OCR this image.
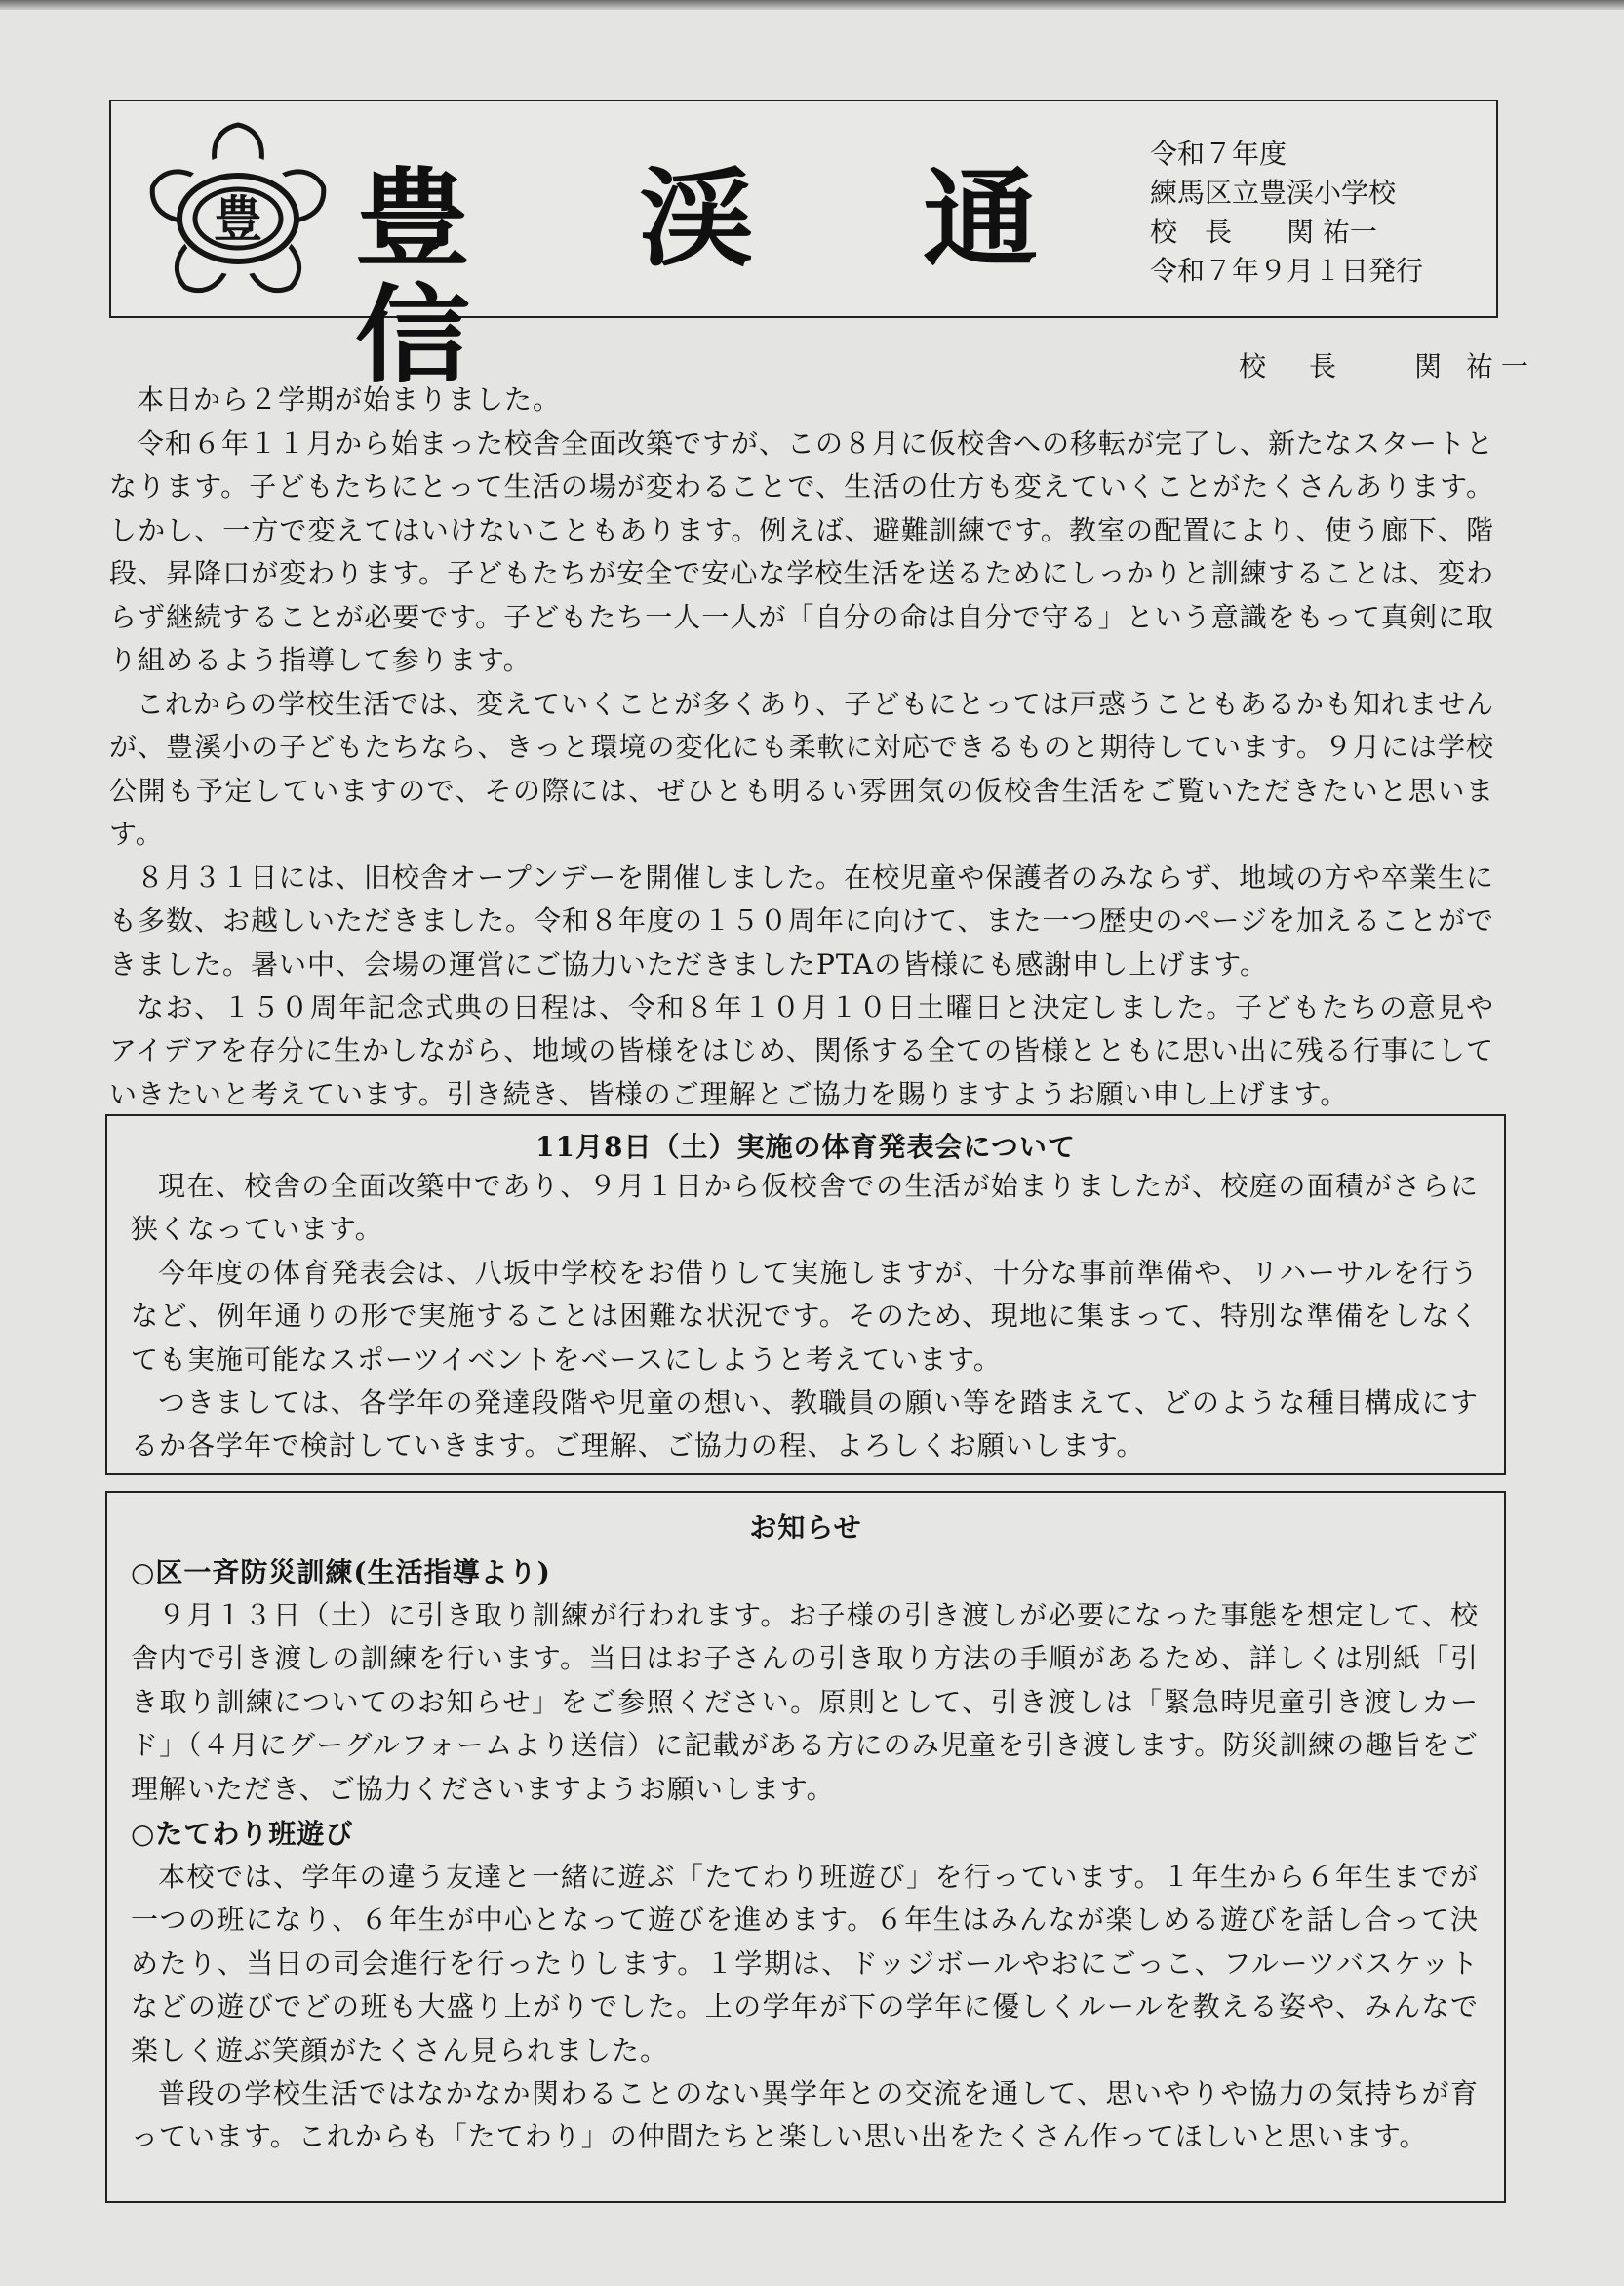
豊 豊 渓 通 信
令和７年度
練馬区立豊渓小学校
校　長　　関 祐一
令和７年９月１日発行
校　長　　関 祐一

本日から２学期が始まりました。

令和６年１１月から始まった校舎全面改築ですが、この８月に仮校舎への移転が完了し、新たなスタートとなります。子どもたちにとって生活の場が変わることで、生活の仕方も変えていくことがたくさんあります。しかし、一方で変えてはいけないこともあります。例えば、避難訓練です。教室の配置により、使う廊下、階段、昇降口が変わります。子どもたちが安全で安心な学校生活を送るためにしっかりと訓練することは、変わらず継続することが必要です。子どもたち一人一人が「自分の命は自分で守る」という意識をもって真剣に取り組めるよう指導して参ります。

これからの学校生活では、変えていくことが多くあり、子どもにとっては戸惑うこともあるかも知れませんが、豊溪小の子どもたちなら、きっと環境の変化にも柔軟に対応できるものと期待しています。９月には学校公開も予定していますので、その際には、ぜひとも明るい雰囲気の仮校舎生活をご覧いただきたいと思います。

８月３１日には、旧校舎オープンデーを開催しました。在校児童や保護者のみならず、地域の方や卒業生にも多数、お越しいただきました。令和８年度の１５０周年に向けて、また一つ歴史のページを加えることができました。暑い中、会場の運営にご協力いただきましたPTAの皆様にも感謝申し上げます。

なお、１５０周年記念式典の日程は、令和８年１０月１０日土曜日と決定しました。子どもたちの意見やアイデアを存分に生かしながら、地域の皆様をはじめ、関係する全ての皆様とともに思い出に残る行事にしていきたいと考えています。引き続き、皆様のご理解とご協力を賜りますようお願い申し上げます。

11月8日（土）実施の体育発表会について

現在、校舎の全面改築中であり、９月１日から仮校舎での生活が始まりましたが、校庭の面積がさらに狭くなっています。

今年度の体育発表会は、八坂中学校をお借りして実施しますが、十分な事前準備や、リハーサルを行うなど、例年通りの形で実施することは困難な状況です。そのため、現地に集まって、特別な準備をしなくても実施可能なスポーツイベントをベースにしようと考えています。

つきましては、各学年の発達段階や児童の想い、教職員の願い等を踏まえて、どのような種目構成にするか各学年で検討していきます。ご理解、ご協力の程、よろしくお願いします。

お知らせ
○区一斉防災訓練(生活指導より)

９月１３日（土）に引き取り訓練が行われます。お子様の引き渡しが必要になった事態を想定して、校舎内で引き渡しの訓練を行います。当日はお子さんの引き取り方法の手順があるため、詳しくは別紙「引き取り訓練についてのお知らせ」をご参照ください。原則として、引き渡しは「緊急時児童引き渡しカード」（４月にグーグルフォームより送信）に記載がある方にのみ児童を引き渡します。防災訓練の趣旨をご理解いただき、ご協力くださいますようお願いします。

○たてわり班遊び

本校では、学年の違う友達と一緒に遊ぶ「たてわり班遊び」を行っています。１年生から６年生までが一つの班になり、６年生が中心となって遊びを進めます。６年生はみんなが楽しめる遊びを話し合って決めたり、当日の司会進行を行ったりします。１学期は、ドッジボールやおにごっこ、フルーツバスケットなどの遊びでどの班も大盛り上がりでした。上の学年が下の学年に優しくルールを教える姿や、みんなで楽しく遊ぶ笑顔がたくさん見られました。

普段の学校生活ではなかなか関わることのない異学年との交流を通して、思いやりや協力の気持ちが育っています。これからも「たてわり」の仲間たちと楽しい思い出をたくさん作ってほしいと思います。
